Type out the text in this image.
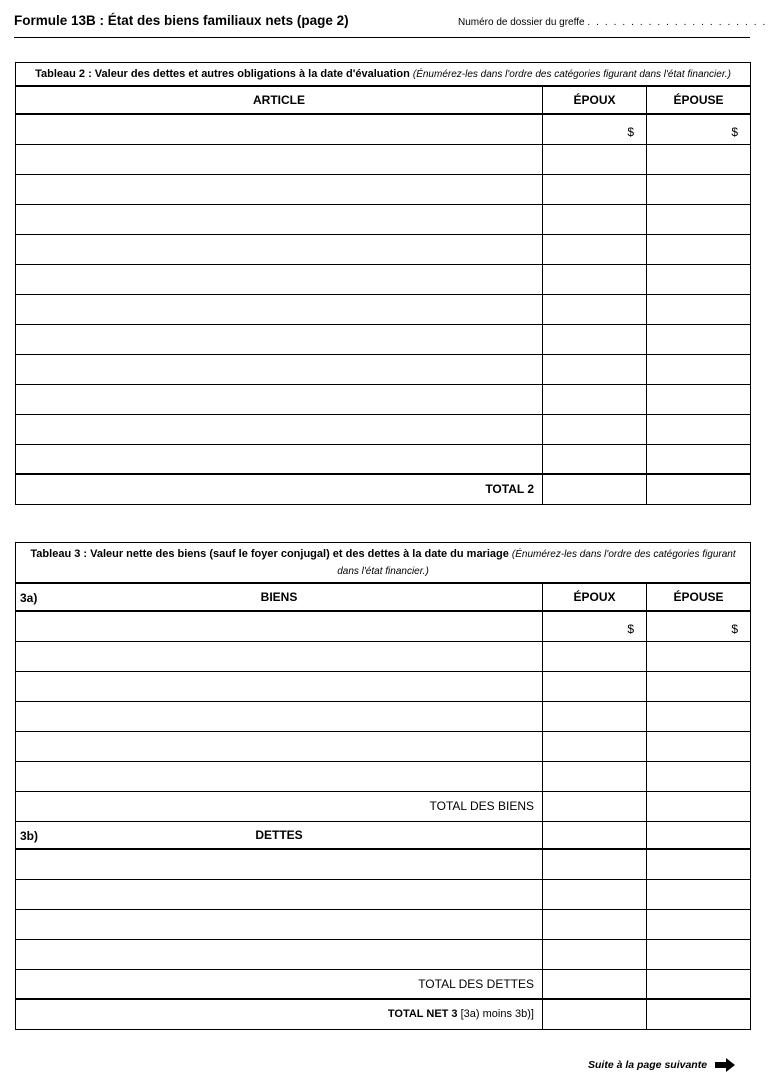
Formule 13B : État des biens familiaux nets (page 2)	Numéro de dossier du greffe . . . . . . . . . . . . . . . . . . . . .
Tableau 2 : Valeur des dettes et autres obligations à la date d'évaluation (Énumérez-les dans l'ordre des catégories figurant dans l'état financier.)		
ARTICLE	ÉPOUX	ÉPOUSE
	$	$

TOTAL 2		
Tableau 3 : Valeur nette des biens (sauf le foyer conjugal) et des dettes à la date du mariage (Énumérez-les dans l'ordre des catégories figurant dans l'état financier.)		

3a) BIENS	ÉPOUX	ÉPOUSE
	$	$

TOTAL DES BIENS		

3b) DETTES		

TOTAL DES DETTES		
TOTAL NET 3 [3a) moins 3b)]		
Suite à la page suivante
